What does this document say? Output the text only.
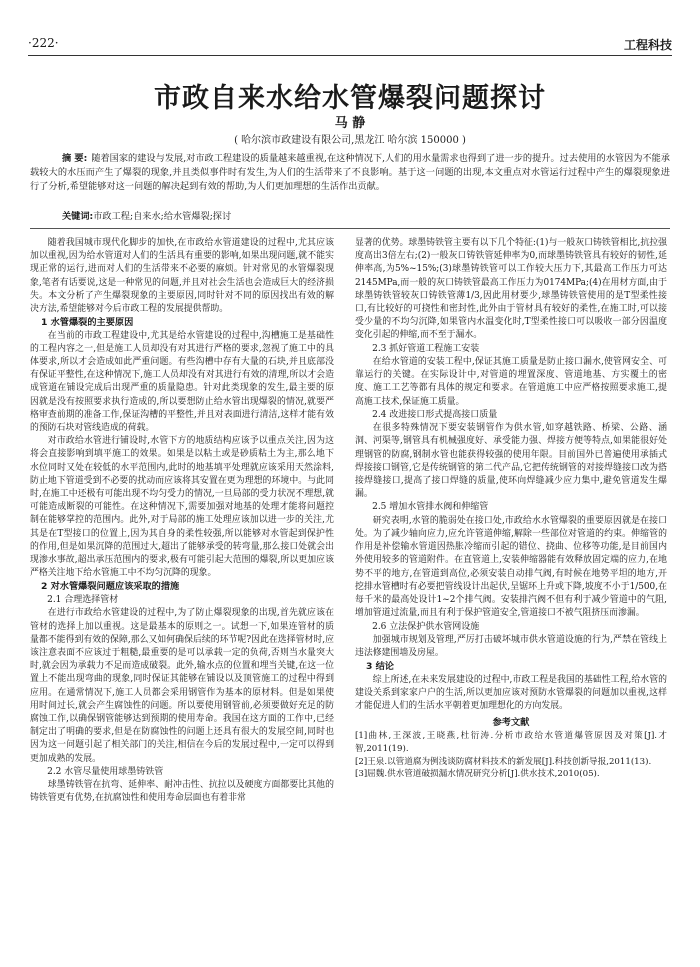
·222·	工程科技
市政自来水给水管爆裂问题探讨
马 静
( 哈尔滨市政建设有限公司,黑龙江 哈尔滨 150000 )
摘 要: 随着国家的建设与发展,对市政工程建设的质量越来越重视,在这种情况下,人们的用水量需求也得到了进一步的提升。过去使用的水管因为不能承载较大的水压而产生了爆裂的现象,并且类似事件时有发生,为人们的生活带来了不良影响。基于这一问题的出现,本文重点对水管运行过程中产生的爆裂现象进行了分析,希望能够对这一问题的解决起到有效的帮助,为人们更加理想的生活作出贡献。
关键词:市政工程;自来水;给水管爆裂;探讨

随着我国城市现代化脚步的加快,在市政给水管道建设的过程中,尤其应该加以重视,因为给水管道对人们的生活具有重要的影响,如果出现问题,就不能实现正常的运行,进而对人们的生活带来不必要的麻烦。针对常见的水管爆裂现象,笔者有话要说,这是一种常见的问题,并且对社会生活也会造成巨大的经济损失。本文分析了产生爆裂现象的主要原因,同时针对不同的原因找出有效的解决方法,希望能够对今后市政工程的发展提供帮助。

1 水管爆裂的主要原因

在当前的市政工程建设中,尤其是给水管建设的过程中,沟槽施工是基础性的工程内容之一,但是施工人员却没有对其进行严格的要求,忽视了施工中的具体要求,所以才会造成如此严重问题。有些沟槽中存有大量的石块,并且底部没有保证平整性,在这种情况下,施工人员却没有对其进行有效的清理,所以才会造成管道在铺设完成后出现严重的质量隐患。针对此类现象的发生,最主要的原因就是没有按照要求执行造成的,所以要想防止给水管出现爆裂的情况,就要严格审查前期的准备工作,保证沟槽的平整性,并且对表面进行清洁,这样才能有效的预防石块对管线造成的荷载。

对市政给水管进行铺设时,水管下方的地质结构应该予以重点关注,因为这将会直接影响到填平施工的效果。如果是以粘土或是砂质粘土为主,那么地下水位同时又处在较低的水平范围内,此时的地基填平处理就应该采用天然涂料,防止地下管道受到不必要的扰动而应该将其安置在更为理想的环境中。与此同时,在施工中还极有可能出现不均匀受力的情况,一旦局部的受力状况不理想,就可能造成断裂的可能性。在这种情况下,需要加强对地基的处理才能将问题控制在能够掌控的范围内。此外,对于局部的施工处理应该加以进一步的关注,尤其是在T型接口的位置上,因为其自身的柔性较强,所以能够对水管起到保护性的作用,但是如果沉降的范围过大,超出了能够承受的转弯量,那么接口处就会出现渗水事故,超出承压范围内的要求,极有可能引起大范围的爆裂,所以更加应该严格关注地下给水管施工中不均匀沉降的现象。

2 对水管爆裂问题应该采取的措施
2.1 合理选择管材

在进行市政给水管建设的过程中,为了防止爆裂现象的出现,首先就应该在管材的选择上加以重视。这是最基本的原则之一。试想一下,如果连管材的质量都不能得到有效的保障,那么又如何确保后续的环节呢?因此在选择管材时,应该注意表面不应该过于粗糙,最重要的是可以承载一定的负荷,否则当水量突大时,就会因为承载力不足而造成破裂。此外,输水点的位置和埋当关键,在这一位置上不能出现弯曲的现象,同时保证其能够在铺设以及顶管施工的过程中得到应用。在通常情况下,施工人员都会采用钢管作为基本的原材料。但是如果使用时间过长,就会产生腐蚀性的问题。所以要使用钢管前,必须要做好充足的防腐蚀工作,以确保钢管能够达到预期的使用寿命。我国在这方面的工作中,已经制定出了明确的要求,但是在防腐蚀性的问题上还具有很大的发展空间,同时也因为这一问题引起了相关部门的关注,相信在今后的发展过程中,一定可以得到更加成熟的发展。

2.2 水管尽量使用球墨铸铁管

球墨铸铁管在抗弯、延伸率、耐冲击性、抗拉以及硬度方面都要比其他的铸铁管更有优势,在抗腐蚀性和使用寿命层面也有着非常

显著的优势。球墨铸铁管主要有以下几个特征:(1)与一般灰口铸铁管相比,抗拉强度高出3倍左右;(2)一般灰口铸铁管延伸率为0,而球墨铸铁管具有较好的韧性,延伸率高,为5%~15%;(3)球墨铸铁管可以工作较大压力下,其最高工作压力可达2145MPa,而一般的灰口铸铁管最高工作压力为0174MPa;(4)在用材方面,由于球墨铸铁管较灰口铸铁管薄1/3,因此用材要少,球墨铸铁管使用的是T型柔性接口,有比较好的可挠性和密封性,此外由于管材具有较好的柔性,在施工时,可以接受少量的不均匀沉降,如果管内水温变化时,T型柔性接口可以吸收一部分因温度变化引起的伸缩,而不至于漏水。

2.3 抓好管道工程施工安装

在给水管道的安装工程中,保证其施工质量是防止接口漏水,使管网安全、可靠运行的关键。在实际设计中,对管道的埋置深度、管道地基、方实覆土的密度、施工工艺等都有具体的规定和要求。在管道施工中应严格按照要求施工,提高施工技术,保证施工质量。

2.4 改进接口形式提高接口质量

在很多特殊情况下要安装钢管作为供水管,如穿越铁路、桥梁、公路、涵洞、河渠等,钢管具有机械强度好、承受能力强、焊接方便等特点,如果能很好处理钢管的防腐,钢制水管也能获得较强的使用年限。目前国外已普遍使用承插式焊接接口钢管,它是传统钢管的第二代产品,它把传统钢管的对接焊缝接口改为搭接焊缝接口,提高了接口焊缝的质量,使环向焊缝减少应力集中,避免管道发生爆漏。

2.5 增加水管排水阀和伸缩管

研究表明,水管的脆弱处在接口处,市政给水水管爆裂的重要原因就是在接口处。为了减少轴向应力,应允许管道伸缩,解除一些部位对管道的约束。伸缩管的作用是补偿输水管道因热胀冷缩而引起的错位、挠曲、位移等功能,是目前国内外使用较多的管道附件。在直管道上,安装伸缩器能有效释放固定端的应力,在地势不平的地方,在管道到高位,必须安装自动排气阀,有时候在地势平坦的地方,开挖排水管槽时有必要把管线设计出起伏,呈锯环上升或下降,坡度不小于1/500,在每千米的最高处设计1~2个排气阀。安装排汽阀不但有利于减少管道中的气阻,增加管道过流量,而且有利于保护管道安全,管道接口不被气阻挤压而渗漏。

2.6 立法保护供水管网设施

加强城市规划及管理,严厉打击破坏城市供水管道设施的行为,严禁在管线上违法修建围墙及房屋。

3 结论

综上所述,在未来发展建设的过程中,市政工程是我国的基础性工程,给水管的建设关系到家家户户的生活,所以更加应该对预防水管爆裂的问题加以重视,这样才能促进人们的生活水平朝着更加理想化的方向发展。

参考文献

[1]曲林,王深波,王晓燕,杜衍涛.分析市政给水管道爆管原因及对策[J].才智,2011(19).

[2]王泉.以管道腐为例浅谈防腐材料技术的新发展[J].科技创新导报,2011(13).

[3]屈魏.供水管道破损漏水情况研究分析[J].供水技术,2010(05).
